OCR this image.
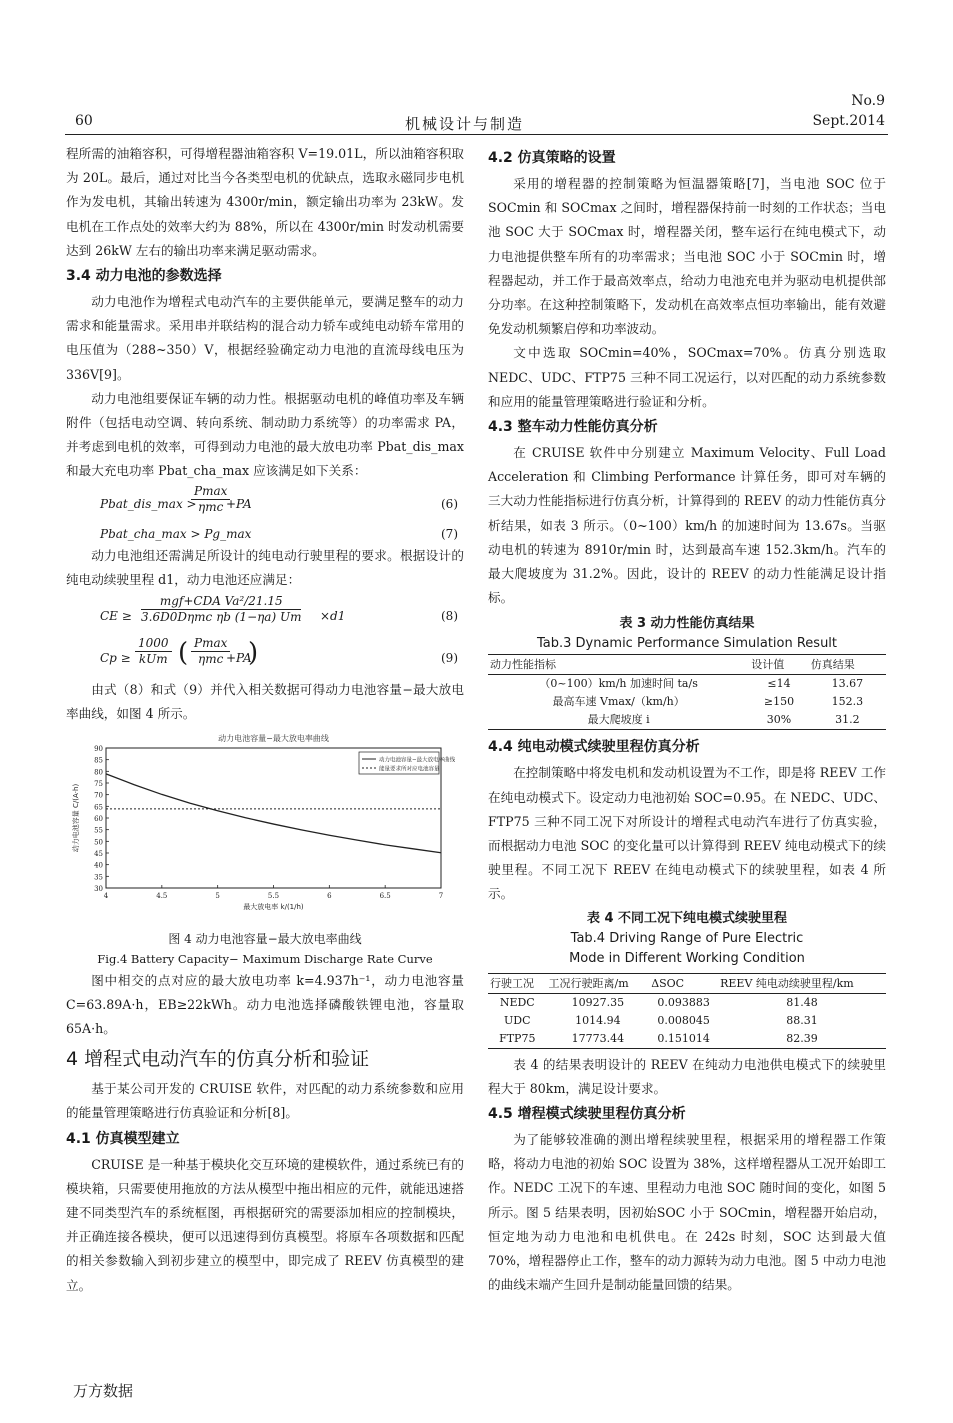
60	机械设计与制造
No.9
Sept.2014

程所需的油箱容积，可得增程器油箱容积 V=19.01L，所以油箱容积取为 20L。最后，通过对比当今各类型电机的优缺点，选取永磁同步电机作为发电机，其输出转速为 4300r/min，额定输出功率为 23kW。发电机在工作点处的效率大约为 88%，所以在 4300r/min 时发动机需要达到 26kW 左右的输出功率来满足驱动需求。

3.4 动力电池的参数选择

动力电池作为增程式电动汽车的主要供能单元，要满足整车的动力需求和能量需求。采用串并联结构的混合动力轿车或纯电动轿车常用的电压值为（288~350）V，根据经验确定动力电池的直流母线电压为 336V[9]。

动力电池组要保证车辆的动力性。根据驱动电机的峰值功率及车辆附件（包括电动空调、转向系统、制动助力系统等）的功率需求 PA，并考虑到电机的效率，可得到动力电池的最大放电功率 Pbat_dis_max 和最大充电功率 Pbat_cha_max 应该满足如下关系：

Pbat_dis_max >
Pmax
ηmc +PA	(6)
Pbat_cha_max > Pg_max	(7)

动力电池组还需满足所设计的纯电动行驶里程的要求。根据设计的纯电动续驶里程 d1，动力电池还应满足：

CE ≥
mgf+CDA Va²/21.15
3.6D0Dηmc ηb (1−ηa) Um ×d1	(8)
Cp ≥
1000
kUm ( Pmax
ηmc +PA
)	(9)

由式（8）和式（9）并代入相关数据可得动力电池容量−最大放电率曲线，如图 4 所示。

动力电池容量−最大放电率曲线
30
35
40
45
50
55
60
65
70
75
80
85
90
4	4.5	5	5.5	6	6.5	7
最大放电率 k/(1/h)
动力电池容量 C/(A·h)
动力电池容量−最大放电率曲线
能量要求所对应电池容量
图 4 动力电池容量−最大放电率曲线
Fig.4 Battery Capacity− Maximum Discharge Rate Curve

图中相交的点对应的最大放电功率 k=4.937h⁻¹，动力电池容量 C=63.89A·h，EB≥22kWh。动力电池选择磷酸铁锂电池，容量取 65A·h。

4 增程式电动汽车的仿真分析和验证

基于某公司开发的 CRUISE 软件，对匹配的动力系统参数和应用的能量管理策略进行仿真验证和分析[8]。

4.1 仿真模型建立

CRUISE 是一种基于模块化交互环境的建模软件，通过系统已有的模块箱，只需要使用拖放的方法从模型中拖出相应的元件，就能迅速搭建不同类型汽车的系统框图，再根据研究的需要添加相应的控制模块，并正确连接各模块，便可以迅速得到仿真模型。将原车各项数据和匹配的相关参数输入到初步建立的模型中，即完成了 REEV 仿真模型的建立。

4.2 仿真策略的设置

采用的增程器的控制策略为恒温器策略[7]，当电池 SOC 位于 SOCmin 和 SOCmax 之间时，增程器保持前一时刻的工作状态；当电池 SOC 大于 SOCmax 时，增程器关闭，整车运行在纯电模式下，动力电池提供整车所有的功率需求；当电池 SOC 小于 SOCmin 时，增程器起动，并工作于最高效率点，给动力电池充电并为驱动电机提供部分功率。在这种控制策略下，发动机在高效率点恒功率输出，能有效避免发动机频繁启停和功率波动。

文中选取 SOCmin=40%，SOCmax=70%。仿真分别选取 NEDC、UDC、FTP75 三种不同工况运行，以对匹配的动力系统参数和应用的能量管理策略进行验证和分析。

4.3 整车动力性能仿真分析

在 CRUISE 软件中分别建立 Maximum Velocity、Full Load Acceleration 和 Climbing Performance 计算任务，即可对车辆的三大动力性能指标进行仿真分析，计算得到的 REEV 的动力性能仿真分析结果，如表 3 所示。（0~100）km/h 的加速时间为 13.67s。当驱动电机的转速为 8910r/min 时，达到最高车速 152.3km/h。汽车的最大爬坡度为 31.2%。因此，设计的 REEV 的动力性能满足设计指标。

表 3 动力性能仿真结果
Tab.3 Dynamic Performance Simulation Result
动力性能指标	设计值	仿真结果
（0~100）km/h 加速时间 ta/s	≤14	13.67
最高车速 Vmax/（km/h）	≥150	152.3
最大爬坡度 i	30%	31.2
4.4 纯电动模式续驶里程仿真分析

在控制策略中将发电机和发动机设置为不工作，即是将 REEV 工作在纯电动模式下。设定动力电池初始 SOC=0.95。在 NEDC、UDC、FTP75 三种不同工况下对所设计的增程式电动汽车进行了仿真实验，而根据动力电池 SOC 的变化量可以计算得到 REEV 纯电动模式下的续驶里程。不同工况下 REEV 在纯电动模式下的续驶里程，如表 4 所示。

表 4 不同工况下纯电模式续驶里程
Tab.4 Driving Range of Pure Electric
Mode in Different Working Condition
行驶工况	工况行驶距离/m	ΔSOC	REEV 纯电动续驶里程/km
NEDC	10927.35	0.093883	81.48
UDC	1014.94	0.008045	88.31
FTP75	17773.44	0.151014	82.39

表 4 的结果表明设计的 REEV 在纯动力电池供电模式下的续驶里程大于 80km，满足设计要求。

4.5 增程模式续驶里程仿真分析

为了能够较准确的测出增程续驶里程，根据采用的增程器工作策略，将动力电池的初始 SOC 设置为 38%，这样增程器从工况开始即工作。NEDC 工况下的车速、里程动力电池 SOC 随时间的变化，如图 5 所示。图 5 结果表明，因初始SOC 小于 SOCmin，增程器开始启动，恒定地为动力电池和电机供电。在 242s 时刻，SOC 达到最大值 70%，增程器停止工作，整车的动力源转为动力电池。图 5 中动力电池的曲线末端产生回升是制动能量回馈的结果。

万方数据
